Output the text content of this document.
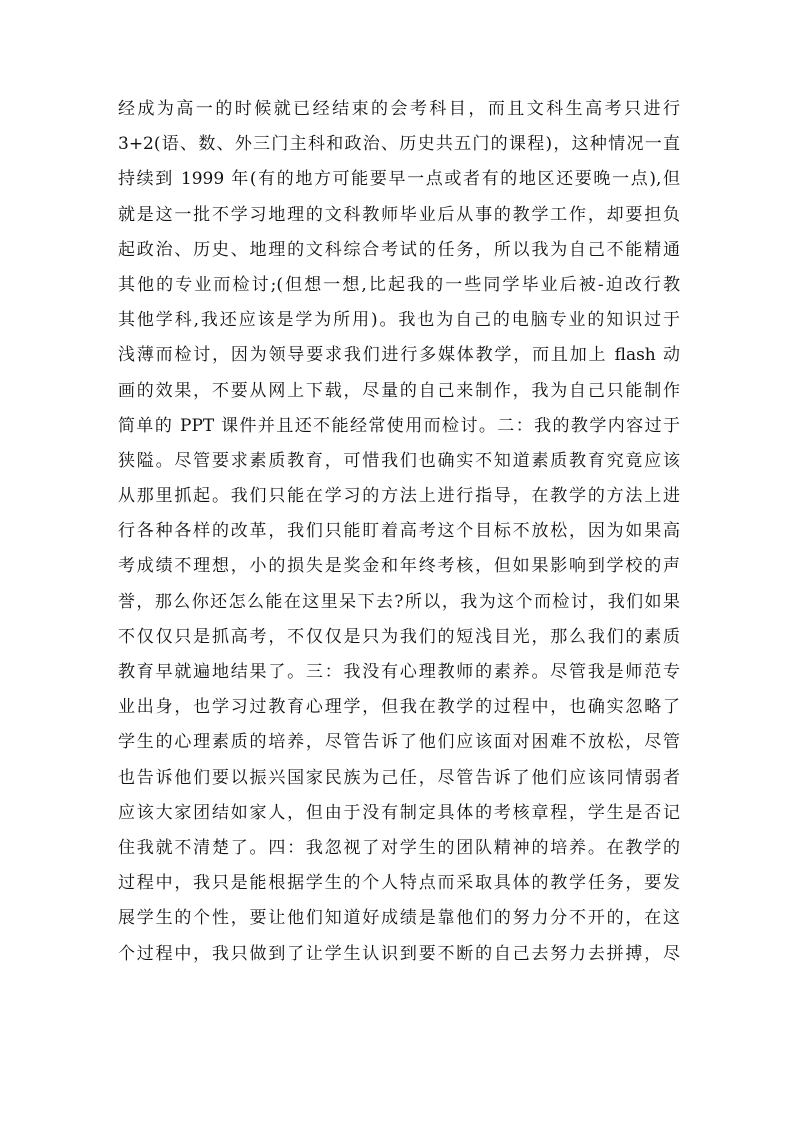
经成为高一的时候就已经结束的会考科目，而且文科生高考只进行
3+2(语、数、外三门主科和政治、历史共五门的课程)，这种情况一直
持续到 1999 年(有的地方可能要早一点或者有的地区还要晚一点),但
就是这一批不学习地理的文科教师毕业后从事的教学工作，却要担负
起政治、历史、地理的文科综合考试的任务，所以我为自己不能精通
其他的专业而检讨;(但想一想,比起我的一些同学毕业后被-迫改行教
其他学科,我还应该是学为所用)。我也为自己的电脑专业的知识过于
浅薄而检讨，因为领导要求我们进行多媒体教学，而且加上 flash 动
画的效果，不要从网上下载，尽量的自己来制作，我为自己只能制作
简单的 PPT 课件并且还不能经常使用而检讨。二：我的教学内容过于
狭隘。尽管要求素质教育，可惜我们也确实不知道素质教育究竟应该
从那里抓起。我们只能在学习的方法上进行指导，在教学的方法上进
行各种各样的改革，我们只能盯着高考这个目标不放松，因为如果高
考成绩不理想，小的损失是奖金和年终考核，但如果影响到学校的声
誉，那么你还怎么能在这里呆下去?所以，我为这个而检讨，我们如果
不仅仅只是抓高考，不仅仅是只为我们的短浅目光，那么我们的素质
教育早就遍地结果了。三：我没有心理教师的素养。尽管我是师范专
业出身，也学习过教育心理学，但我在教学的过程中，也确实忽略了
学生的心理素质的培养，尽管告诉了他们应该面对困难不放松，尽管
也告诉他们要以振兴国家民族为己任，尽管告诉了他们应该同情弱者
应该大家团结如家人，但由于没有制定具体的考核章程，学生是否记
住我就不清楚了。四：我忽视了对学生的团队精神的培养。在教学的
过程中，我只是能根据学生的个人特点而采取具体的教学任务，要发
展学生的个性，要让他们知道好成绩是靠他们的努力分不开的，在这
个过程中，我只做到了让学生认识到要不断的自己去努力去拼搏，尽
